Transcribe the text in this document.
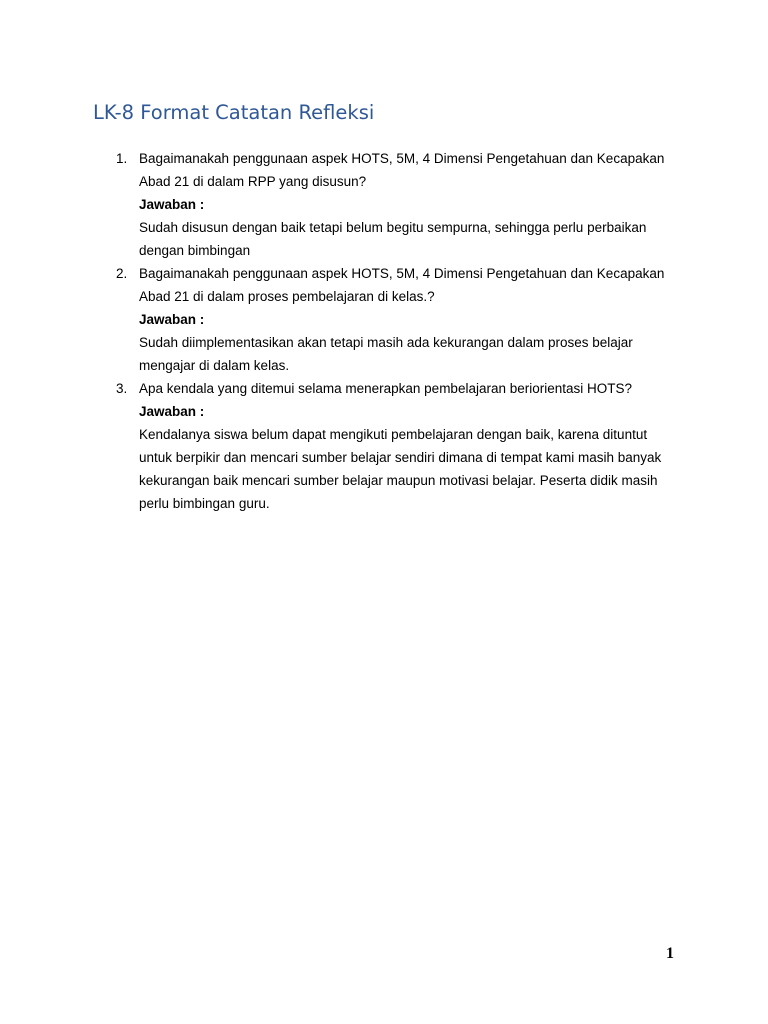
LK-8 Format Catatan Refleksi
1. Bagaimanakah penggunaan aspek HOTS, 5M, 4 Dimensi Pengetahuan dan Kecapakan Abad 21 di dalam RPP yang disusun?

Jawaban :

Sudah disusun dengan baik tetapi belum begitu sempurna, sehingga perlu perbaikan dengan bimbingan

2. Bagaimanakah penggunaan aspek HOTS, 5M, 4 Dimensi Pengetahuan dan Kecapakan Abad 21 di dalam proses pembelajaran di kelas.?

Jawaban :

Sudah diimplementasikan akan tetapi masih ada kekurangan dalam proses belajar mengajar di dalam kelas.

3. Apa kendala yang ditemui selama menerapkan pembelajaran beriorientasi HOTS?

Jawaban :

Kendalanya siswa belum dapat mengikuti pembelajaran dengan baik, karena dituntut untuk berpikir dan mencari sumber belajar sendiri dimana di tempat kami masih banyak kekurangan baik mencari sumber belajar maupun motivasi belajar. Peserta didik masih perlu bimbingan guru.

1
